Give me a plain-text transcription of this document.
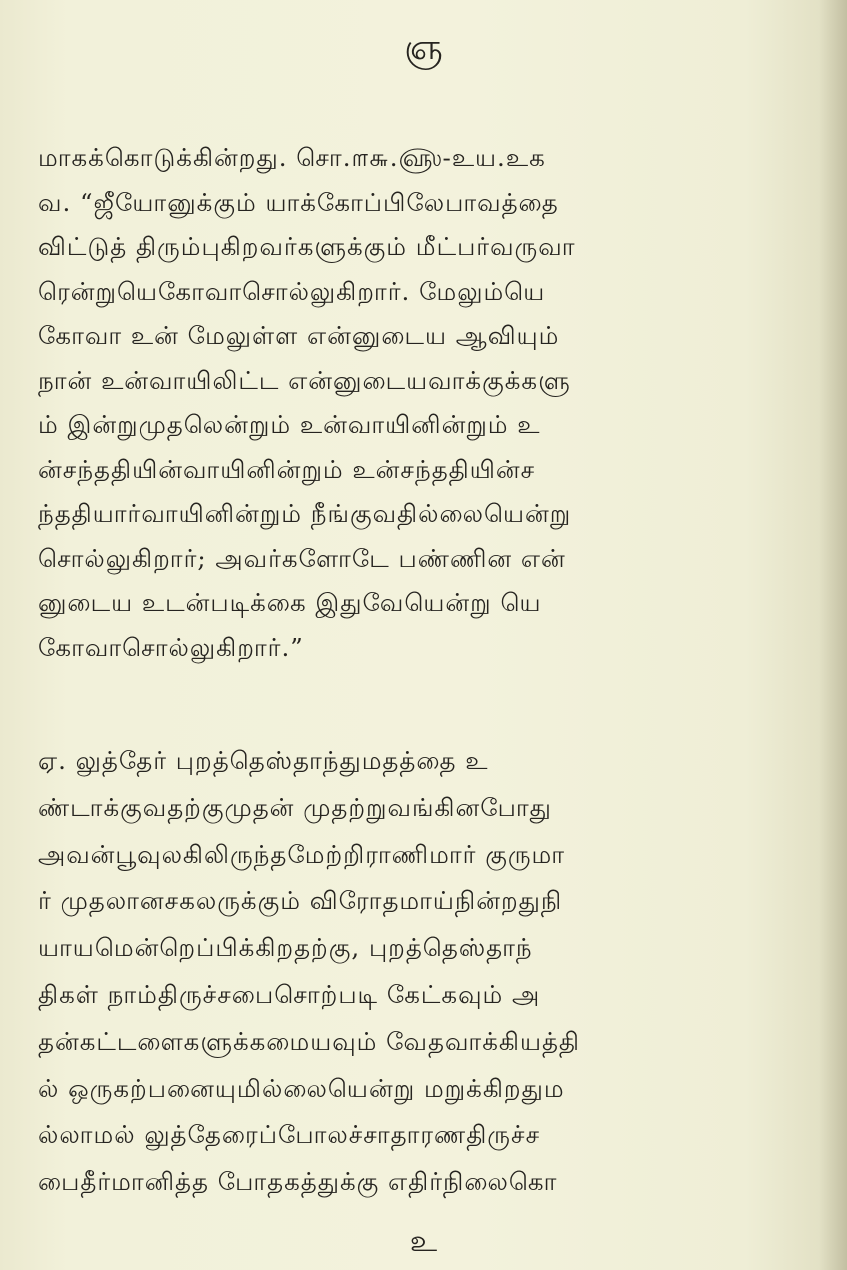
ஞ
மாகக்கொடுக்கின்றது. சொ.௱௬.௵-உய.உக
வ. “ஜீயோனுக்கும் யாக்கோப்பிலேபாவத்தை
விட்டுத் திரும்புகிறவர்களுக்கும் மீட்பர்வருவா
ரென்றுயெகோவாசொல்லுகிறார். மேலும்யெ
கோவா உன் மேலுள்ள என்னுடைய ஆவியும்
நான் உன்வாயிலிட்ட என்னுடையவாக்குக்களு
ம் இன்றுமுதலென்றும் உன்வாயினின்றும் உ
ன்சந்ததியின்வாயினின்றும் உன்சந்ததியின்ச
ந்ததியார்வாயினின்றும் நீங்குவதில்லையென்று
சொல்லுகிறார்; அவர்களோடே பண்ணின என்
னுடைய உடன்படிக்கை இதுவேயென்று யெ
கோவாசொல்லுகிறார்.”
ஏ. லுத்தேர் புறத்தெஸ்தாந்துமதத்தை உ
ண்டாக்குவதற்குமுதன் முதற்றுவங்கினபோது
அவன்பூவுலகிலிருந்தமேற்றிராணிமார் குருமா
ர் முதலானசகலருக்கும் விரோதமாய்நின்றதுநி
யாயமென்றெப்பிக்கிறதற்கு, புறத்தெஸ்தாந்
திகள் நாம்திருச்சபைசொற்படி கேட்கவும் அ
தன்கட்டளைகளுக்கமையவும் வேதவாக்கியத்தி
ல் ஒருகற்பனையுமில்லையென்று மறுக்கிறதும
ல்லாமல் லுத்தேரைப்போலச்சாதாரணதிருச்ச
பைதீர்மானித்த போதகத்துக்கு எதிர்நிலைகொ
உ
